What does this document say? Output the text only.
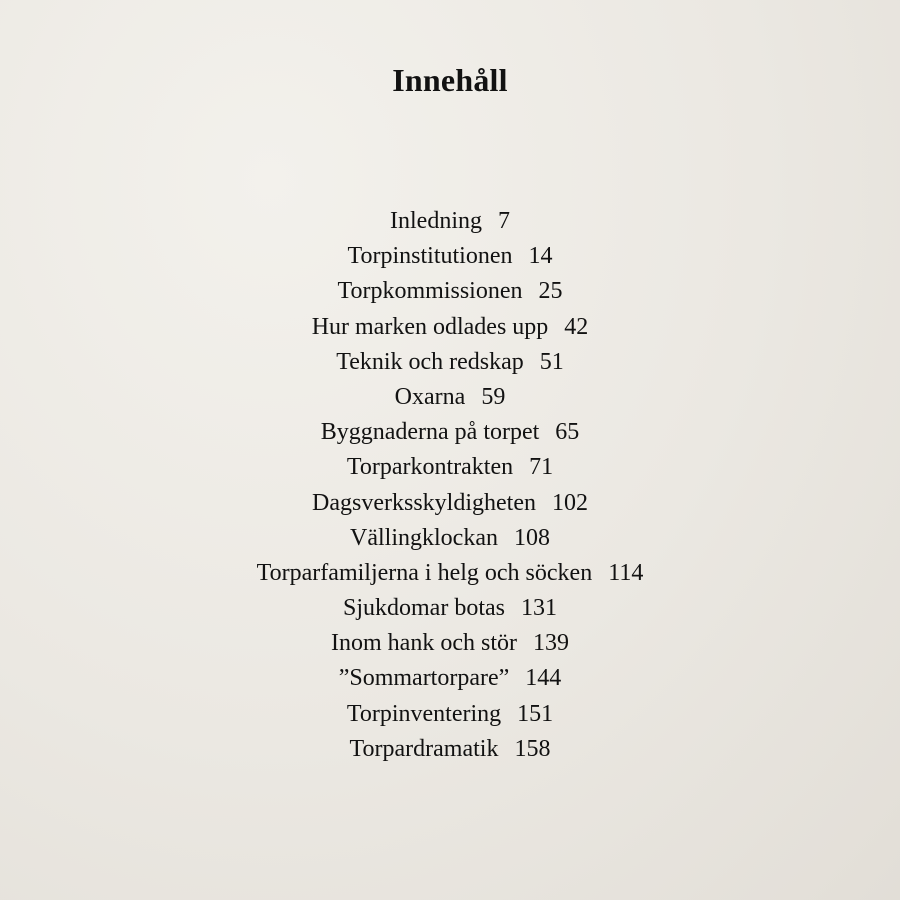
Innehåll
Inledning 7
Torpinstitutionen 14
Torpkommissionen 25
Hur marken odlades upp 42
Teknik och redskap 51
Oxarna 59
Byggnaderna på torpet 65
Torparkontrakten 71
Dagsverksskyldigheten 102
Vällingklockan 108
Torparfamiljerna i helg och söcken 114
Sjukdomar botas 131
Inom hank och stör 139
”Sommartorpare” 144
Torpinventering 151
Torpardramatik 158
